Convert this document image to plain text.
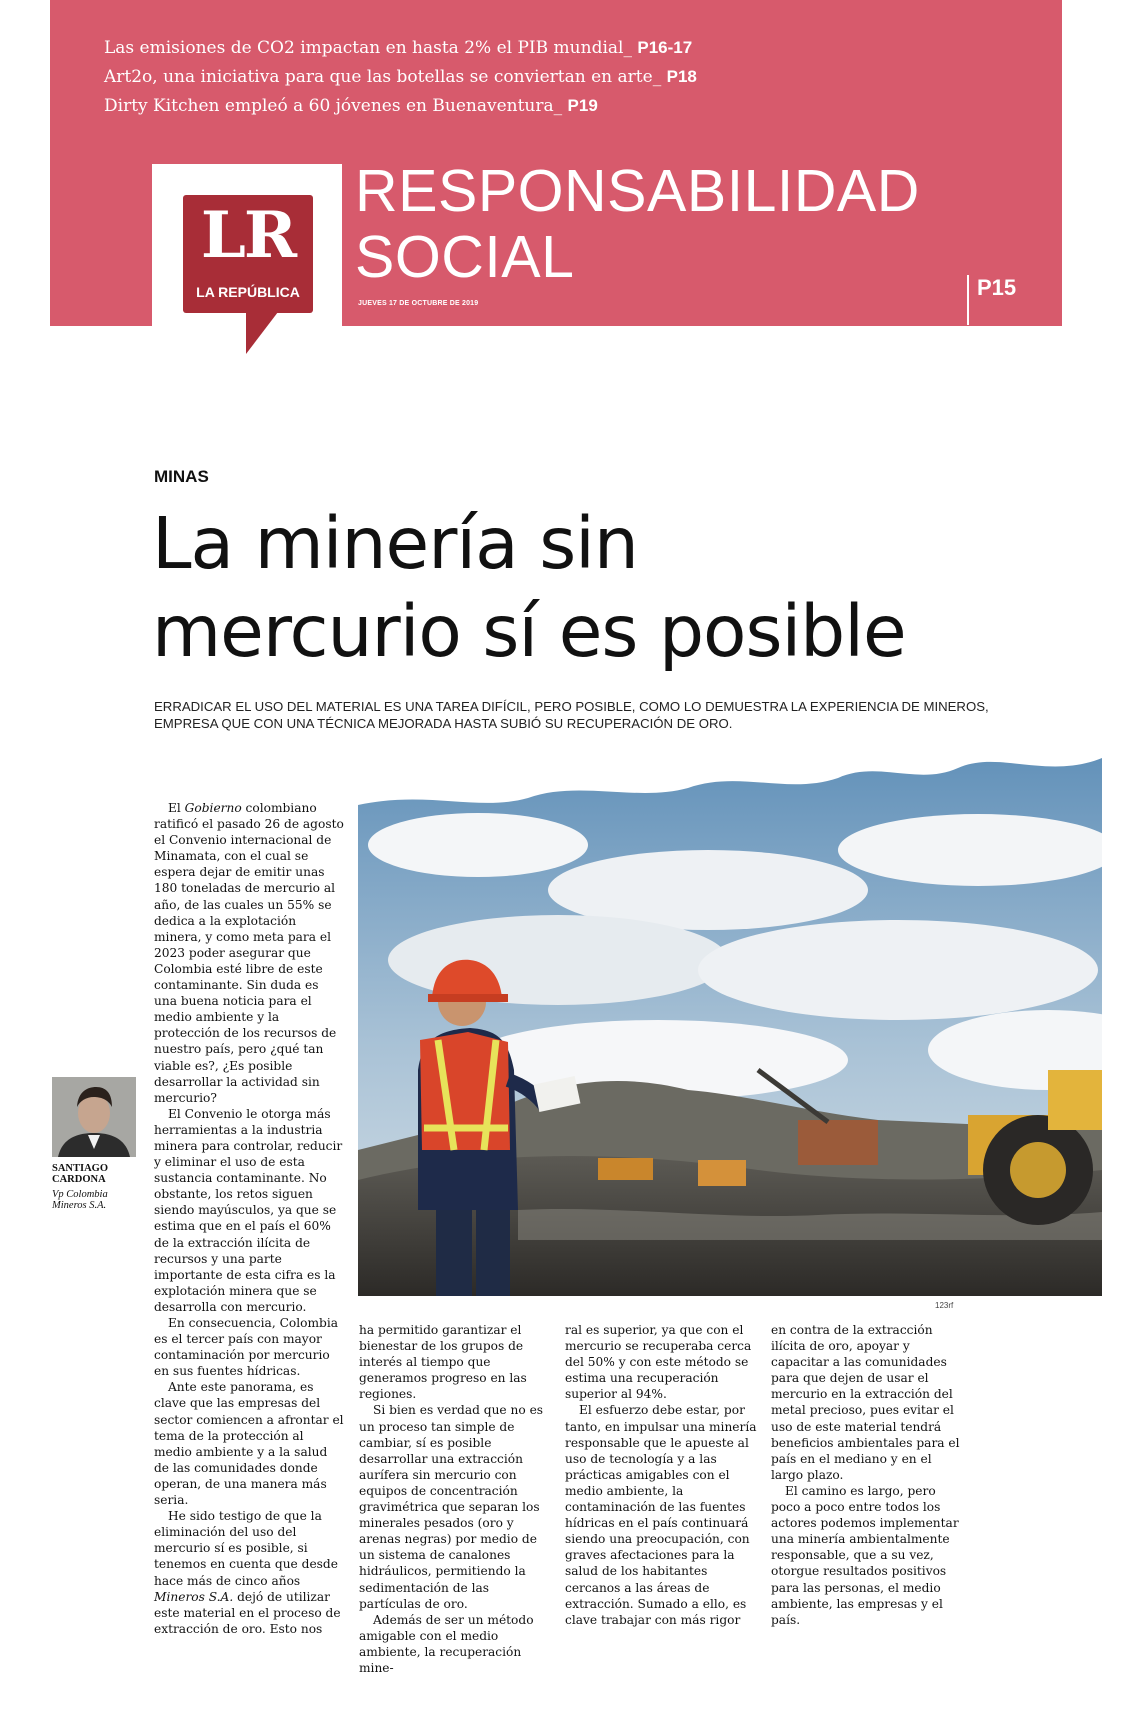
Las emisiones de CO2 impactan en hasta 2% el PIB mundial_ P16-17
Art2o, una iniciativa para que las botellas se conviertan en arte_ P18
Dirty Kitchen empleó a 60 jóvenes en Buenaventura_ P19
LR
LA REPÚBLICA
RESPONSABILIDAD
SOCIAL
JUEVES 17 DE OCTUBRE DE 2019
P15
MINAS
La minería sin
mercurio sí es posible
ERRADICAR EL USO DEL MATERIAL ES UNA TAREA DIFÍCIL, PERO POSIBLE, COMO LO DEMUESTRA LA EXPERIENCIA DE MINEROS, EMPRESA QUE CON UNA TÉCNICA MEJORADA HASTA SUBIÓ SU RECUPERACIÓN DE ORO.
123rf
SANTIAGO
CARDONA
Vp Colombia
Mineros S.A.

El Gobierno colombiano ratificó el pasado 26 de agosto el Convenio internacional de Minamata, con el cual se espera dejar de emitir unas 180 toneladas de mercurio al año, de las cuales un 55% se dedica a la explotación minera, y como meta para el 2023 poder asegurar que Colombia esté libre de este contaminante. Sin duda es una buena noticia para el medio ambiente y la protección de los recursos de nuestro país, pero ¿qué tan viable es?, ¿Es posible desarrollar la actividad sin mercurio?

El Convenio le otorga más herramientas a la industria minera para controlar, reducir y eliminar el uso de esta sustancia contaminante. No obstante, los retos siguen siendo mayúsculos, ya que se estima que en el país el 60% de la extracción ilícita de recursos y una parte importante de esta cifra es la explotación minera que se desarrolla con mercurio.

En consecuencia, Colombia es el tercer país con mayor contaminación por mercurio en sus fuentes hídricas.

Ante este panorama, es clave que las empresas del sector comiencen a afrontar el tema de la protección al medio ambiente y a la salud de las comunidades donde operan, de una manera más seria.

He sido testigo de que la eliminación del uso del mercurio sí es posible, si tenemos en cuenta que desde hace más de cinco años Mineros S.A. dejó de utilizar este material en el proceso de extracción de oro. Esto nos

ha permitido garantizar el bienestar de los grupos de interés al tiempo que generamos progreso en las regiones.

Si bien es verdad que no es un proceso tan simple de cambiar, sí es posible desarrollar una extracción aurífera sin mercurio con equipos de concentración gravimétrica que separan los minerales pesados (oro y arenas negras) por medio de un sistema de canalones hidráulicos, permitiendo la sedimentación de las partículas de oro.

Además de ser un método amigable con el medio ambiente, la recuperación mine-

ral es superior, ya que con el mercurio se recuperaba cerca del 50% y con este método se estima una recuperación superior al 94%.

El esfuerzo debe estar, por tanto, en impulsar una minería responsable que le apueste al uso de tecnología y a las prácticas amigables con el medio ambiente, la contaminación de las fuentes hídricas en el país continuará siendo una preocupación, con graves afectaciones para la salud de los habitantes cercanos a las áreas de extracción. Sumado a ello, es clave trabajar con más rigor

en contra de la extracción ilícita de oro, apoyar y capacitar a las comunidades para que dejen de usar el mercurio en la extracción del metal precioso, pues evitar el uso de este material tendrá beneficios ambientales para el país en el mediano y en el largo plazo.

El camino es largo, pero poco a poco entre todos los actores podemos implementar una minería ambientalmente responsable, que a su vez, otorgue resultados positivos para las personas, el medio ambiente, las empresas y el país.
